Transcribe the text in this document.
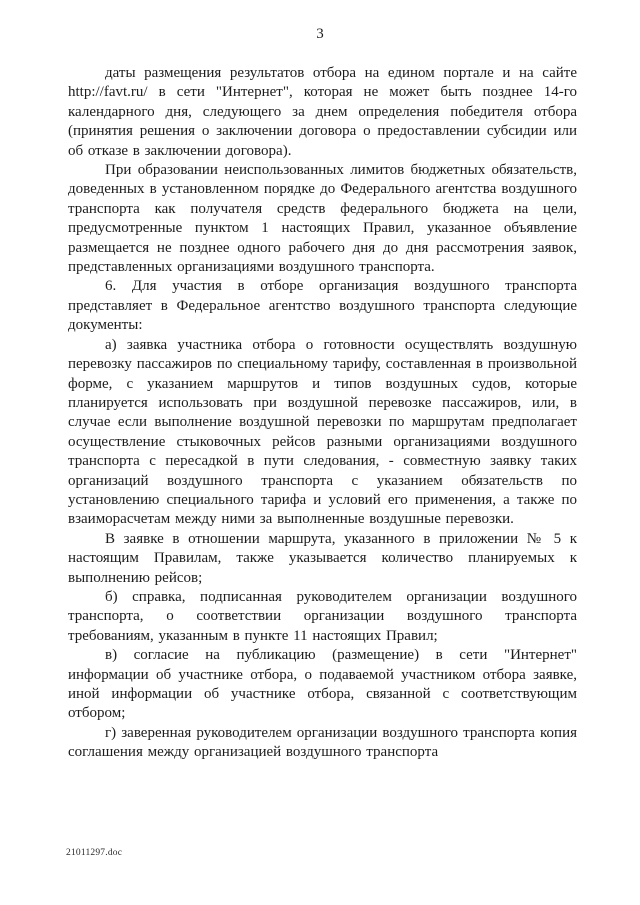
3

даты размещения результатов отбора на едином портале и на сайте http://favt.ru/ в сети "Интернет", которая не может быть позднее 14-го календарного дня, следующего за днем определения победителя отбора (принятия решения о заключении договора о предоставлении субсидии или об отказе в заключении договора).

При образовании неиспользованных лимитов бюджетных обязательств, доведенных в установленном порядке до Федерального агентства воздушного транспорта как получателя средств федерального бюджета на цели, предусмотренные пунктом 1 настоящих Правил, указанное объявление размещается не позднее одного рабочего дня до дня рассмотрения заявок, представленных организациями воздушного транспорта.

6. Для участия в отборе организация воздушного транспорта представляет в Федеральное агентство воздушного транспорта следующие документы:

а) заявка участника отбора о готовности осуществлять воздушную перевозку пассажиров по специальному тарифу, составленная в произвольной форме, с указанием маршрутов и типов воздушных судов, которые планируется использовать при воздушной перевозке пассажиров, или, в случае если выполнение воздушной перевозки по маршрутам предполагает осуществление стыковочных рейсов разными организациями воздушного транспорта с пересадкой в пути следования, - совместную заявку таких организаций воздушного транспорта с указанием обязательств по установлению специального тарифа и условий его применения, а также по взаиморасчетам между ними за выполненные воздушные перевозки.

В заявке в отношении маршрута, указанного в приложении № 5 к настоящим Правилам, также указывается количество планируемых к выполнению рейсов;

б) справка, подписанная руководителем организации воздушного транспорта, о соответствии организации воздушного транспорта требованиям, указанным в пункте 11 настоящих Правил;

в) согласие на публикацию (размещение) в сети "Интернет" информации об участнике отбора, о подаваемой участником отбора заявке, иной информации об участнике отбора, связанной с соответствующим отбором;

г) заверенная руководителем организации воздушного транспорта копия соглашения между организацией воздушного транспорта

21011297.doc
